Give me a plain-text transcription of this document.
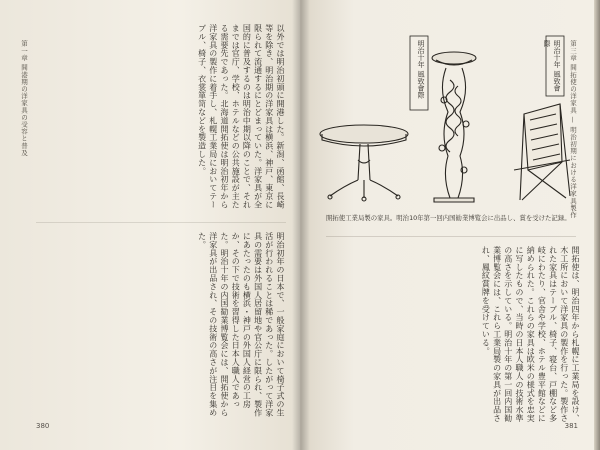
第一章 開港期の洋家具の受容と普及	以外では明治初頭に開港した。新潟、函館、長崎等を除き、明治期の洋家具は横浜、神戸、東京に限られて流通するにとどまっていた。洋家具が全国的に普及するのは明治中期以降のことで、それまでは官庁、学校、ホテルなどの公共施設が主たる需要先であった。北海道開拓使は明治初年から洋家具の製作に着手し、札幌工業局においてテーブル、椅子、衣裳箪笥などを製造した。
明治初年の日本で、一般家庭において椅子式の生活が行われることは稀であった。したがって洋家具の需要は外国人居留地や官公庁に限られ、製作にあたったのも横浜・神戸の外国人経営の工房か、その下で技術を習得した日本人職人であった。明治十年の内国勧業博覧会には、開拓使から洋家具が出品され、その技術の高さが注目を集めた。
380
第三章 開拓使の洋家具 — 明治初期における洋家具製作
開拓使は、明治四年から札幌に工業局を設け、木工所において洋家具の製作を行った。製作された家具はテーブル、椅子、寝台、戸棚など多岐にわたり、官舎や学校、ホテル豊平館などに納められた。これらの家具は欧米の様式を忠実に写したもので、当時の日本人職人の技術水準の高さを示している。明治十年の第一回内国勧業博覧会には、これら工業局製の家具が出品され、鳳紋賞牌を受けている。
381
明治十年 風致會際	明治十年 風致會際
開拓使工業局製の家具。明治10年第一回内国勧業博覧会に出品し、賞を受けた記録。
